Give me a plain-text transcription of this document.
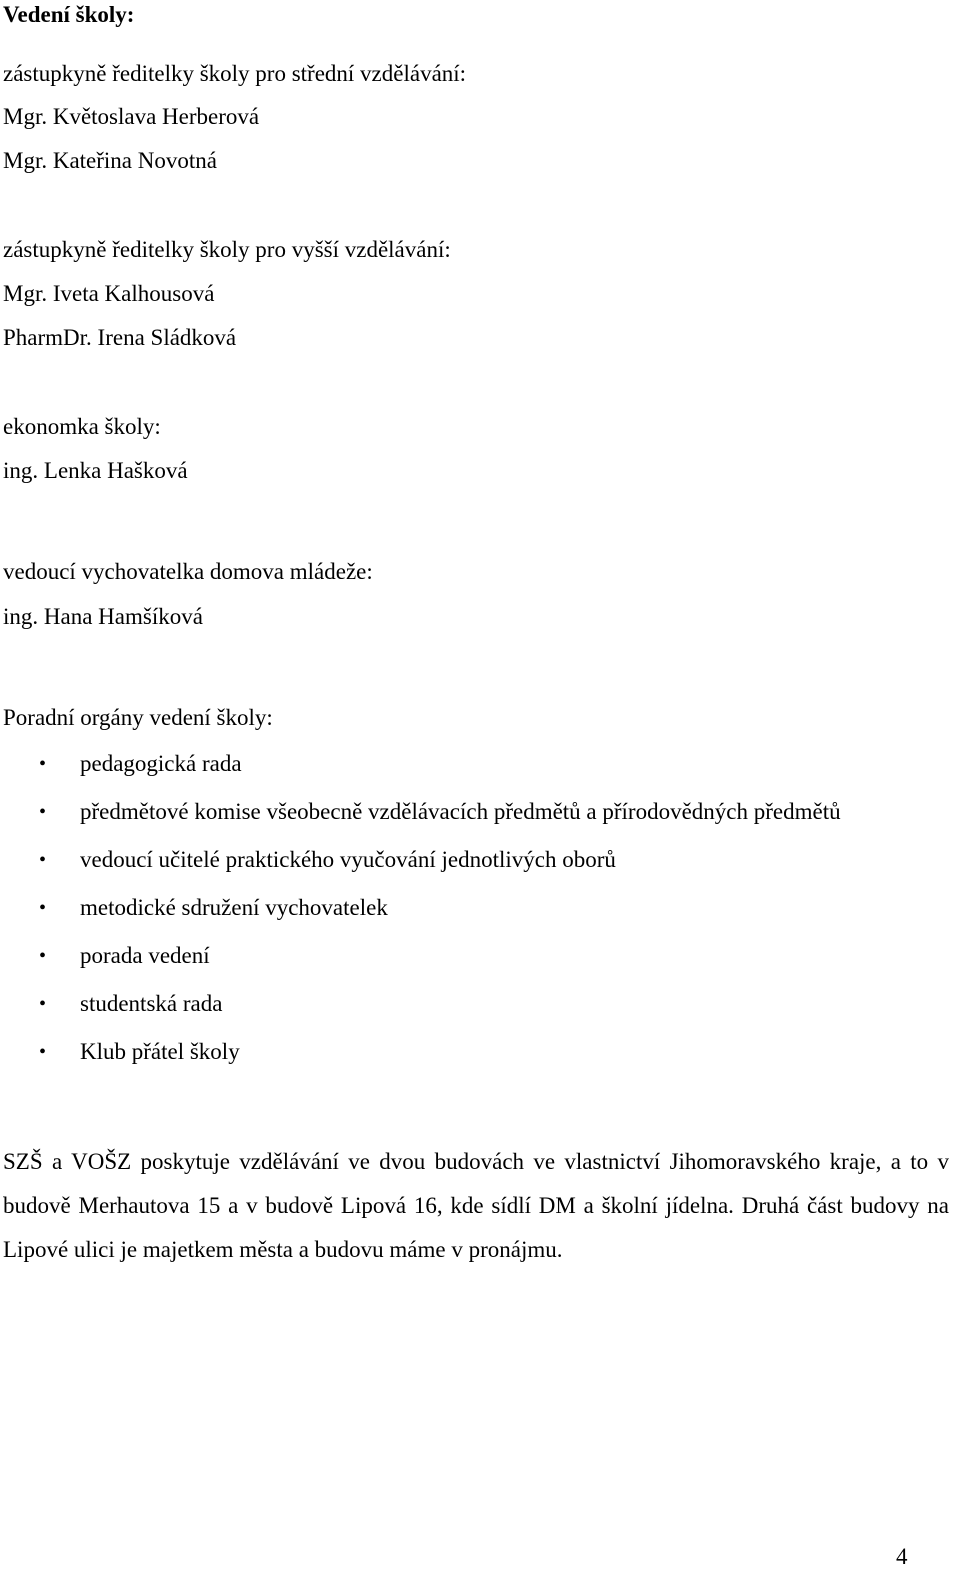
Vedení školy:

zástupkyně ředitelky školy pro střední vzdělávání:

Mgr. Květoslava Herberová

Mgr. Kateřina Novotná

zástupkyně ředitelky školy pro vyšší vzdělávání:

Mgr. Iveta Kalhousová

PharmDr. Irena Sládková

ekonomka školy:

ing. Lenka Hašková

vedoucí vychovatelka domova mládeže:

ing. Hana Hamšíková

Poradní orgány vedení školy:

• pedagogická rada
• předmětové komise všeobecně vzdělávacích předmětů a přírodovědných předmětů
• vedoucí učitelé praktického vyučování jednotlivých oborů
• metodické sdružení vychovatelek
• porada vedení
• studentská rada
• Klub přátel školy

SZŠ a VOŠZ poskytuje vzdělávání ve dvou budovách ve vlastnictví Jihomoravského kraje, a to v budově Merhautova 15 a v budově Lipová 16, kde sídlí DM a školní jídelna. Druhá část budovy na Lipové ulici je majetkem města a budovu máme v pronájmu.

4
